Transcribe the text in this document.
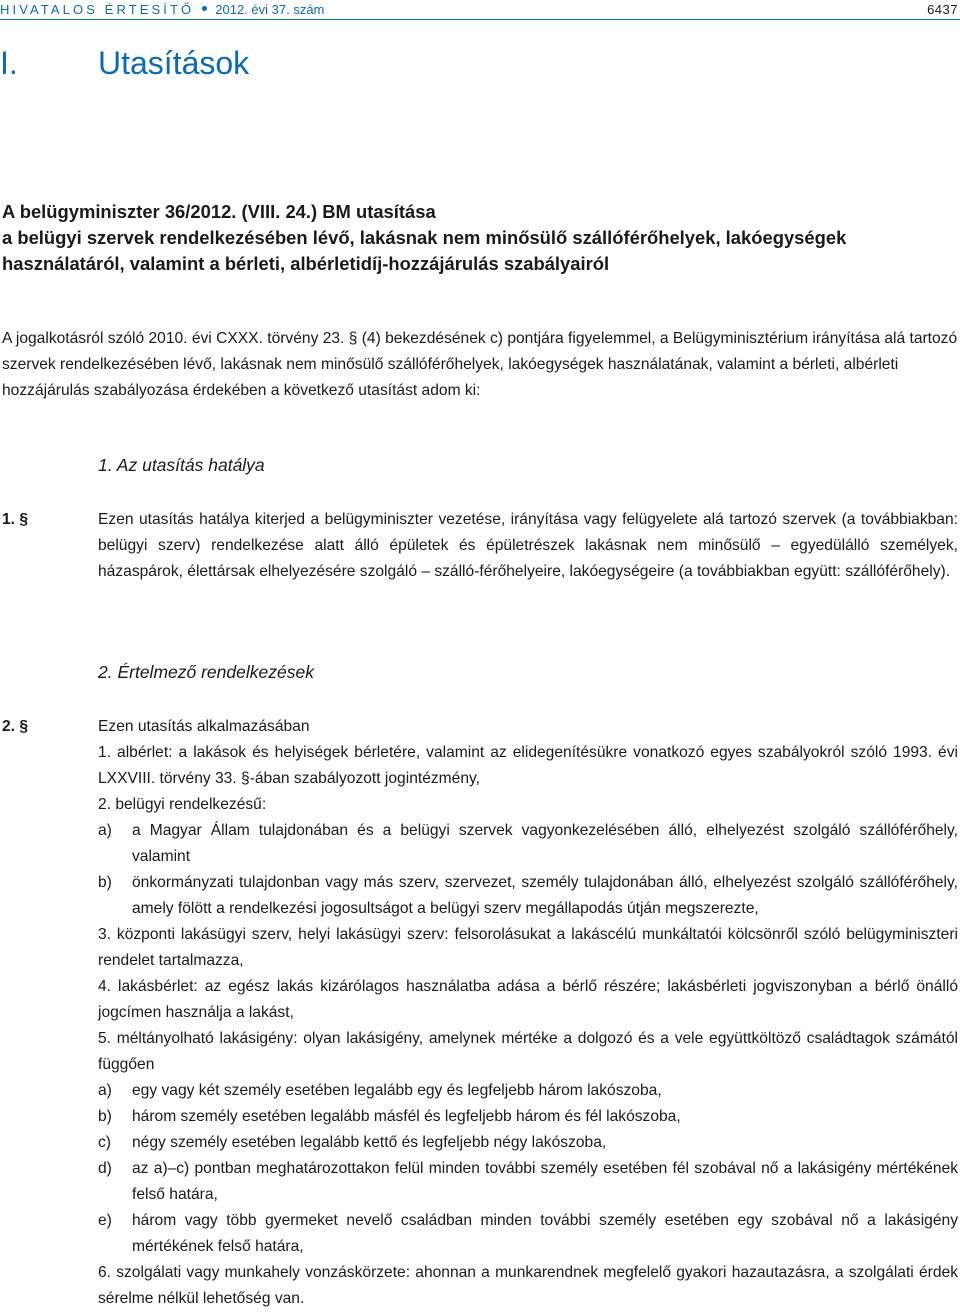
HIVATALOS ÉRTESÍTŐ 2012. évi 37. szám	6437
I.	Utasítások
A belügyminiszter 36/2012. (VIII. 24.) BM utasítása
a belügyi szervek rendelkezésében lévő, lakásnak nem minősülő szállóférőhelyek, lakóegységek használatáról, valamint a bérleti, albérletidíj-hozzájárulás szabályairól
A jogalkotásról szóló 2010. évi CXXX. törvény 23. § (4) bekezdésének c) pontjára figyelemmel, a Belügyminisztérium irányítása alá tartozó szervek rendelkezésében lévő, lakásnak nem minősülő szállóférőhelyek, lakóegységek használatának, valamint a bérleti, albérleti hozzájárulás szabályozása érdekében a következő utasítást adom ki:
1. Az utasítás hatálya
1. §	Ezen utasítás hatálya kiterjed a belügyminiszter vezetése, irányítása vagy felügyelete alá tartozó szervek (a továbbiakban: belügyi szerv) rendelkezése alatt álló épületek és épületrészek lakásnak nem minősülő – egyedülálló személyek, házaspárok, élettársak elhelyezésére szolgáló – szálló-férőhelyeire, lakóegységeire (a továbbiakban együtt: szállóférőhely).
2. Értelmező rendelkezések
2. §	Ezen utasítás alkalmazásában
1. albérlet: a lakások és helyiségek bérletére, valamint az elidegenítésükre vonatkozó egyes szabályokról szóló 1993. évi LXXVIII. törvény 33. §-ában szabályozott jogintézmény,
2. belügyi rendelkezésű:
a) a Magyar Állam tulajdonában és a belügyi szervek vagyonkezelésében álló, elhelyezést szolgáló szállóférőhely, valamint
b) önkormányzati tulajdonban vagy más szerv, szervezet, személy tulajdonában álló, elhelyezést szolgáló szállóférőhely, amely fölött a rendelkezési jogosultságot a belügyi szerv megállapodás útján megszerezte,
3. központi lakásügyi szerv, helyi lakásügyi szerv: felsorolásukat a lakáscélú munkáltatói kölcsönről szóló belügyminiszteri rendelet tartalmazza,
4. lakásbérlet: az egész lakás kizárólagos használatba adása a bérlő részére; lakásbérleti jogviszonyban a bérlő önálló jogcímen használja a lakást,
5. méltányolható lakásigény: olyan lakásigény, amelynek mértéke a dolgozó és a vele együttköltöző családtagok számától függően
a) egy vagy két személy esetében legalább egy és legfeljebb három lakószoba,
b) három személy esetében legalább másfél és legfeljebb három és fél lakószoba,
c) négy személy esetében legalább kettő és legfeljebb négy lakószoba,
d) az a)–c) pontban meghatározottakon felül minden további személy esetében fél szobával nő a lakásigény mértékének felső határa,
e) három vagy több gyermeket nevelő családban minden további személy esetében egy szobával nő a lakásigény mértékének felső határa,
6. szolgálati vagy munkahely vonzáskörzete: ahonnan a munkarendnek megfelelő gyakori hazautazásra, a szolgálati érdek sérelme nélkül lehetőség van.
